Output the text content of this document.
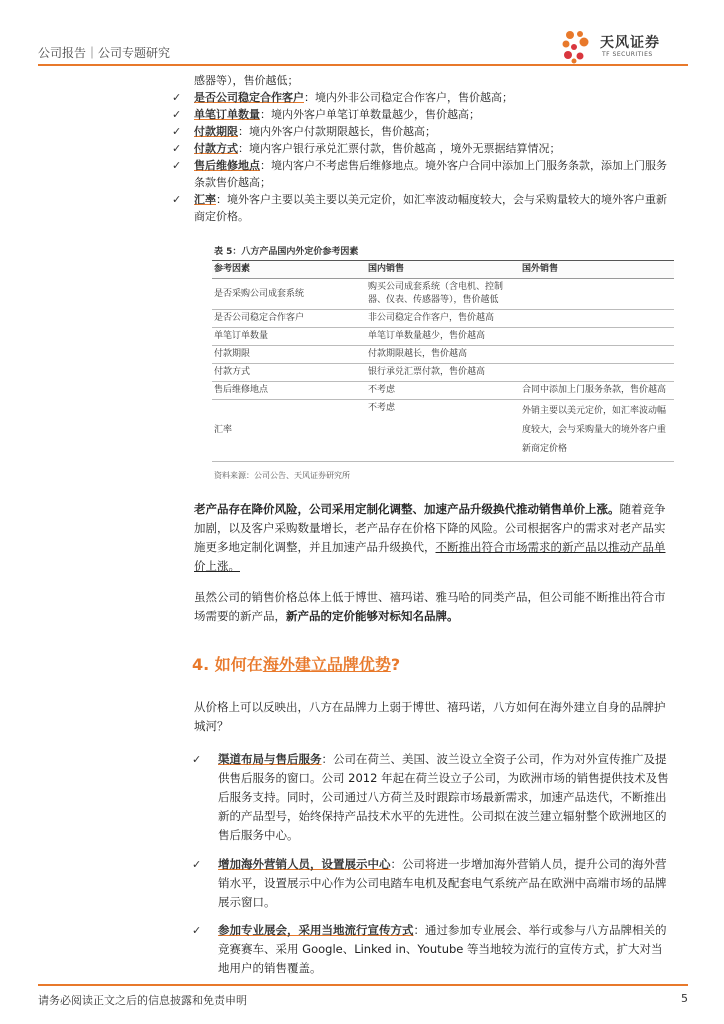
公司报告｜公司专题研究
天风证券
TF SECURITIES
感器等），售价越低；
✓ 是否公司稳定合作客户：境内外非公司稳定合作客户，售价越高；
✓ 单笔订单数量：境内外客户单笔订单数量越少，售价越高；
✓ 付款期限：境内外客户付款期限越长，售价越高；
✓ 付款方式：境内客户银行承兑汇票付款，售价越高 ，境外无票据结算情况；
✓ 售后维修地点：境内客户不考虑售后维修地点。境外客户合同中添加上门服务条款，添加上门服务条款售价越高；
✓ 汇率：境外客户主要以美主要以美元定价，如汇率波动幅度较大，会与采购量较大的境外客户重新商定价格。
表 5：八方产品国内外定价参考因素
参考因素	国内销售	国外销售
是否采购公司成套系统	购买公司成套系统（含电机、控制器、仪表、传感器等），售价越低	
是否公司稳定合作客户	非公司稳定合作客户，售价越高	
单笔订单数量	单笔订单数量越少，售价越高	
付款期限	付款期限越长，售价越高	
付款方式	银行承兑汇票付款，售价越高	
售后维修地点	不考虑	合同中添加上门服务条款，售价越高
汇率	不考虑	外销主要以美元定价，如汇率波动幅度较大，会与采购量大的境外客户重新商定价格
资料来源：公司公告、天风证券研究所
老产品存在降价风险，公司采用定制化调整、加速产品升级换代推动销售单价上涨。随着竞争加剧，以及客户采购数量增长，老产品存在价格下降的风险。公司根据客户的需求对老产品实施更多地定制化调整，并且加速产品升级换代，不断推出符合市场需求的新产品以推动产品单价上涨。
虽然公司的销售价格总体上低于博世、禧玛诺、雅马哈的同类产品，但公司能不断推出符合市场需要的新产品，新产品的定价能够对标知名品牌。
4. 如何在海外建立品牌优势?
从价格上可以反映出，八方在品牌力上弱于博世、禧玛诺，八方如何在海外建立自身的品牌护城河？
✓ 渠道布局与售后服务：公司在荷兰、美国、波兰设立全资子公司，作为对外宣传推广及提供售后服务的窗口。公司 2012 年起在荷兰设立子公司，为欧洲市场的销售提供技术及售后服务支持。同时，公司通过八方荷兰及时跟踪市场最新需求，加速产品迭代，不断推出新的产品型号，始终保持产品技术水平的先进性。公司拟在波兰建立辐射整个欧洲地区的售后服务中心。
✓ 增加海外营销人员，设置展示中心：公司将进一步增加海外营销人员，提升公司的海外营销水平，设置展示中心作为公司电踏车电机及配套电气系统产品在欧洲中高端市场的品牌展示窗口。
✓ 参加专业展会，采用当地流行宣传方式：通过参加专业展会、举行或参与八方品牌相关的竞赛赛车、采用 Google、Linked in、Youtube 等当地较为流行的宣传方式，扩大对当地用户的销售覆盖。
请务必阅读正文之后的信息披露和免责申明	5
